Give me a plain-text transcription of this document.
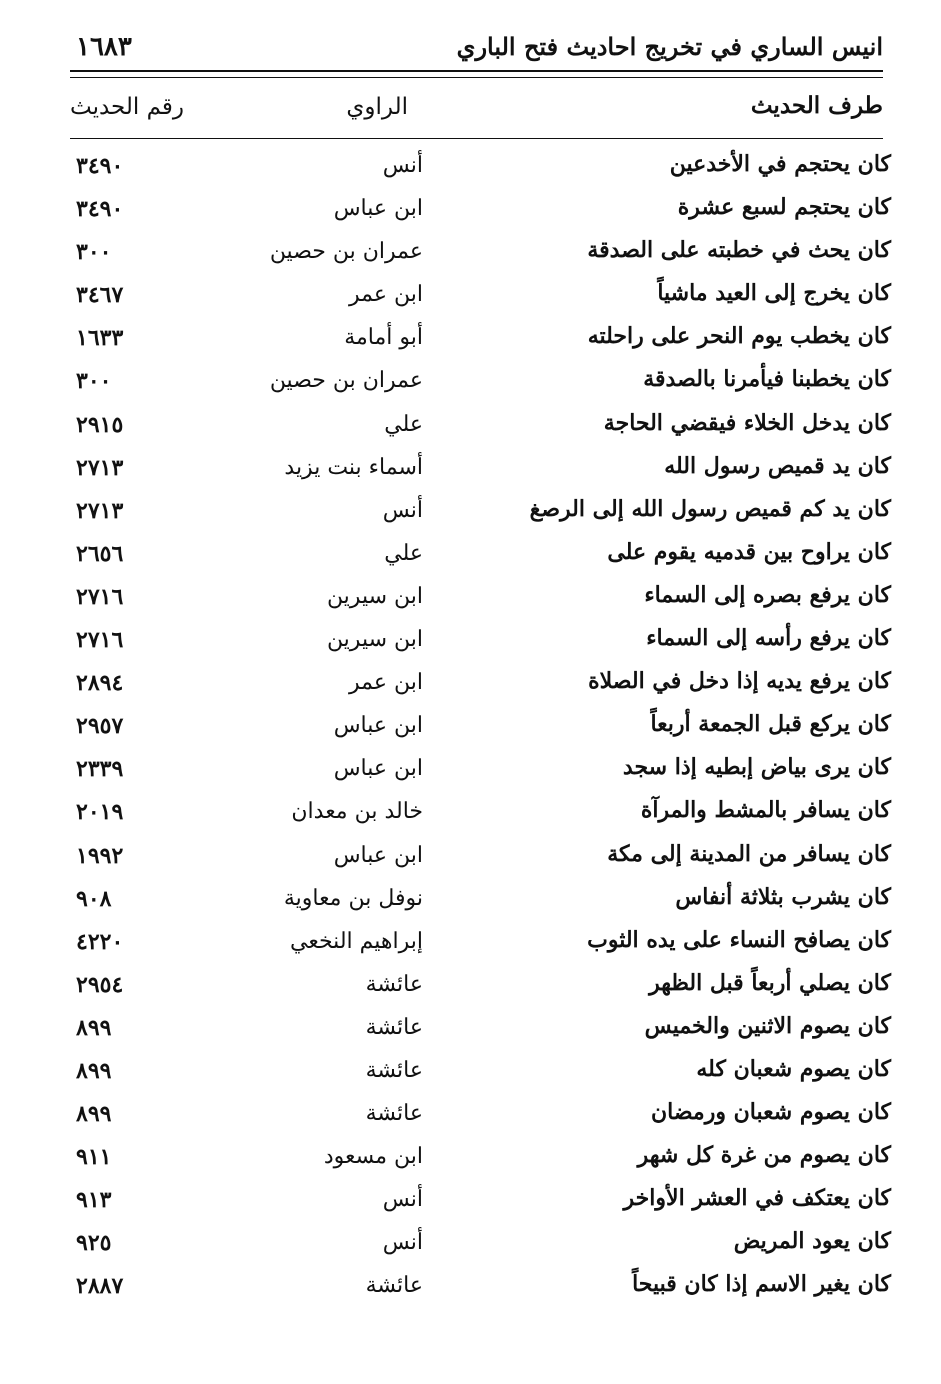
انيس الساري في تخريج احاديث فتح الباري
١٦٨٣
طرف الحديث
الراوي
رقم الحديث
كان يحتجم في الأخدعين
أنس
٣٤٩٠
كان يحتجم لسبع عشرة
ابن عباس
٣٤٩٠
كان يحث في خطبته على الصدقة
عمران بن حصين
٣٠٠
كان يخرج إلى العيد ماشياً
ابن عمر
٣٤٦٧
كان يخطب يوم النحر على راحلته
أبو أمامة
١٦٣٣
كان يخطبنا فيأمرنا بالصدقة
عمران بن حصين
٣٠٠
كان يدخل الخلاء فيقضي الحاجة
علي
٢٩١٥
كان يد قميص رسول الله
أسماء بنت يزيد
٢٧١٣
كان يد كم قميص رسول الله إلى الرصغ
أنس
٢٧١٣
كان يراوح بين قدميه يقوم على
علي
٢٦٥٦
كان يرفع بصره إلى السماء
ابن سيرين
٢٧١٦
كان يرفع رأسه إلى السماء
ابن سيرين
٢٧١٦
كان يرفع يديه إذا دخل في الصلاة
ابن عمر
٢٨٩٤
كان يركع قبل الجمعة أربعاً
ابن عباس
٢٩٥٧
كان يرى بياض إبطيه إذا سجد
ابن عباس
٢٣٣٩
كان يسافر بالمشط والمرآة
خالد بن معدان
٢٠١٩
كان يسافر من المدينة إلى مكة
ابن عباس
١٩٩٢
كان يشرب بثلاثة أنفاس
نوفل بن معاوية
٩٠٨
كان يصافح النساء على يده الثوب
إبراهيم النخعي
٤٢٢٠
كان يصلي أربعاً قبل الظهر
عائشة
٢٩٥٤
كان يصوم الاثنين والخميس
عائشة
٨٩٩
كان يصوم شعبان كله
عائشة
٨٩٩
كان يصوم شعبان ورمضان
عائشة
٨٩٩
كان يصوم من غرة كل شهر
ابن مسعود
٩١١
كان يعتكف في العشر الأواخر
أنس
٩١٣
كان يعود المريض
أنس
٩٢٥
كان يغير الاسم إذا كان قبيحاً
عائشة
٢٨٨٧
